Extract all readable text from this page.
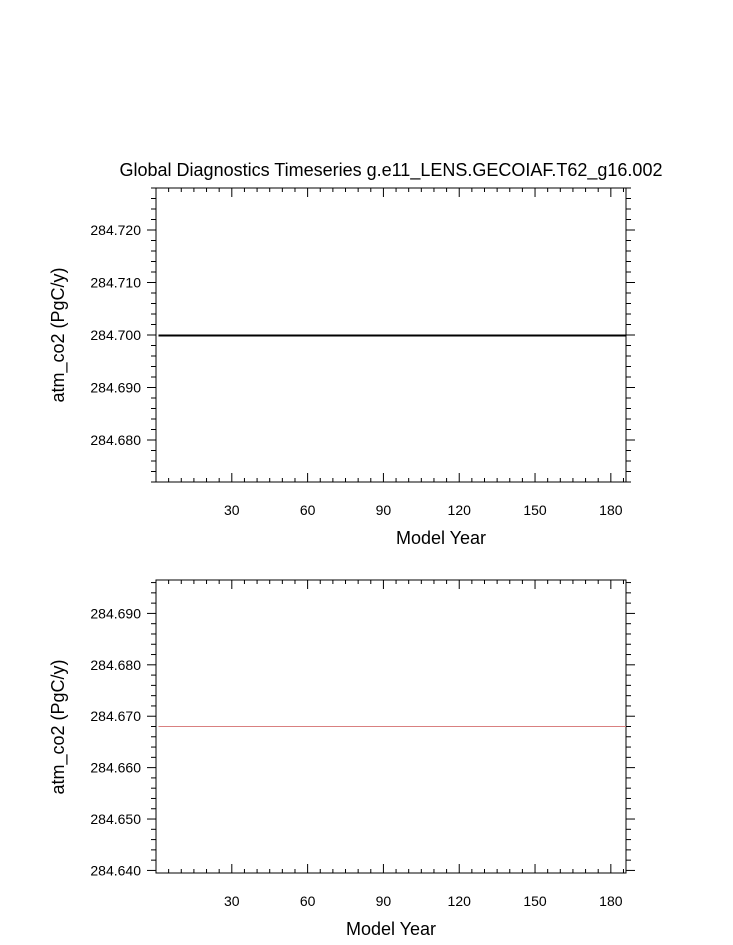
Global Diagnostics Timeseries g.e11_LENS.GECOIAF.T62_g16.002
Model Year
atm_co2 (PgC/y)
30	60	90	120	150	180
284.680
284.690
284.700
284.710
284.720
Model Year
atm_co2 (PgC/y)
30	60	90	120	150	180
284.640
284.650
284.660
284.670
284.680
284.690
